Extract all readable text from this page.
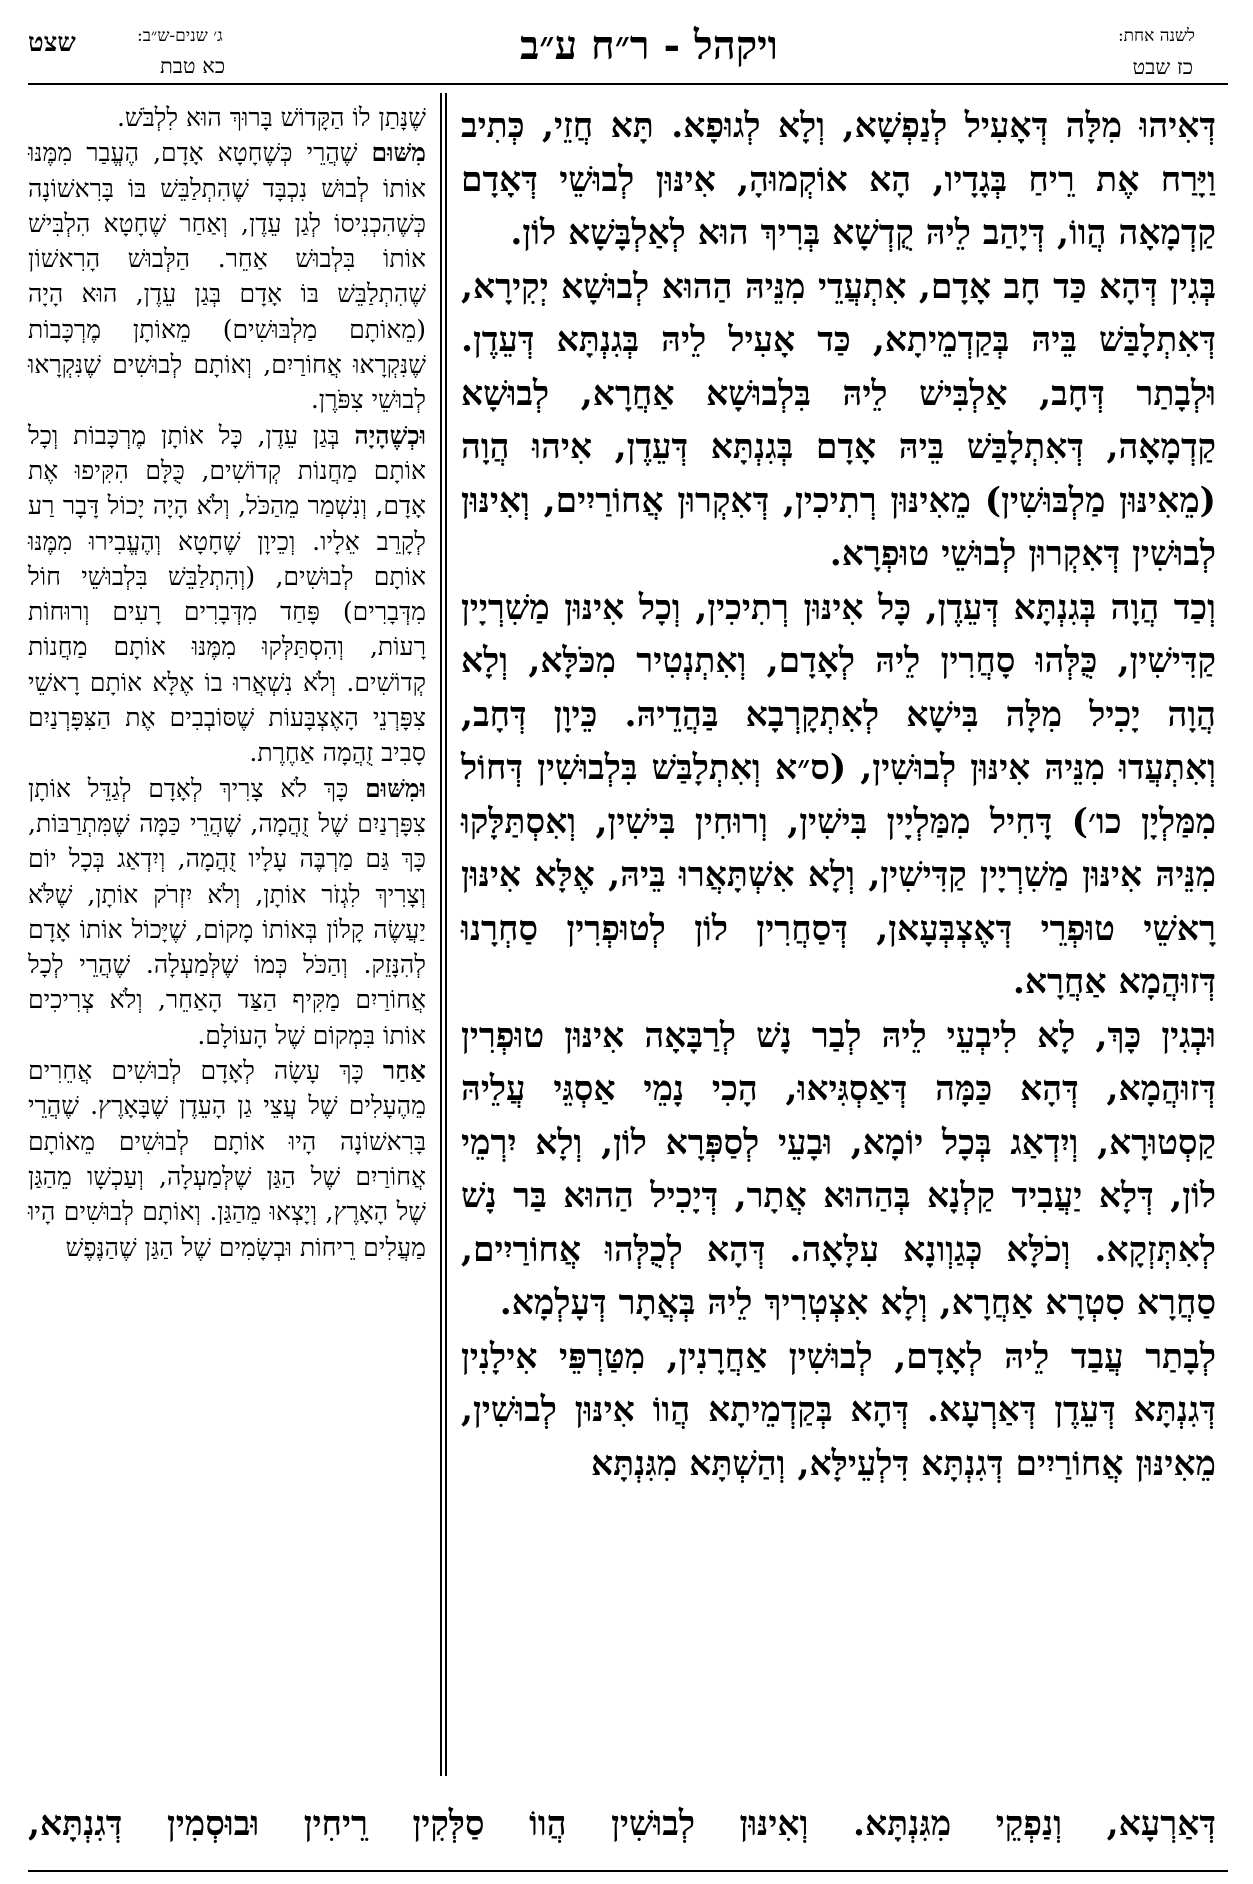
לשנה אחת:
כז שבט
ויקהל - ר״ח ע״ב
ג׳ שנים-ש״ב:
כא טבת
שצט

דְּאִיהוּ מִלָּה דְּאָעִיל לְנַפְשָׁא, וְלָא לְגוּפָא. תָּא חֲזֵי, כְּתִיב וַיָּרַח אֶת רֵיחַ בְּגָדָיו, הָא אוֹקְמוּהָ, אִינּוּן לְבוּשֵׁי דְּאָדָם קַדְמָאָה הֲווֹ, דְּיָהַב לֵיהּ קֻדְשָׁא בְּרִיךְ הוּא לְאַלְבָּשָׁא לוֹן.

בְּגִין דְּהָא כַּד חָב אָדָם, אִתְעֲדֵי מִנֵּיהּ הַהוּא לְבוּשָׁא יְקִירָא, דְּאִתְלָבַּשׁ בֵּיהּ בְּקַדְמֵיתָא, כַּד אָעִיל לֵיהּ בְּגִנְתָּא דְּעֵדֶן. וּלְבָתַר דְּחָב, אַלְבִּישׁ לֵיהּ בִּלְבוּשָׁא אַחֲרָא, לְבוּשָׁא קַדְמָאָה, דְּאִתְלָבַּשׁ בֵּיהּ אָדָם בְּגִנְתָּא דְּעֵדֶן, אִיהוּ הֲוָה (מֵאִינּוּן מַלְבּוּשִׁין) מֵאִינּוּן רְתִיכִין, דְּאִקְרוּן אֲחוֹרַיִים, וְאִינּוּן לְבוּשִׁין דְּאִקְרוּן לְבוּשֵׁי טוּפְרָא.

וְכַד הֲוָה בְּגִנְתָּא דְּעֵדֶן, כָּל אִינּוּן רְתִיכִין, וְכָל אִינּוּן מַשִׁרְיָין קַדִּישִׁין, כֻּלְּהוּ סָחֲרִין לֵיהּ לְאָדָם, וְאִתְנְטִיר מִכֹּלָּא, וְלָא הֲוָה יָכִיל מִלָּה בִּישָׁא לְאִתְקָרְבָא בַּהֲדֵיהּ. כֵּיוָן דְּחָב, וְאִתְעֲדוּ מִנֵּיהּ אִינּוּן לְבוּשִׁין, (ס״א וְאִתְלָבַּשׁ בִּלְבוּשִׁין דְּחוֹל מִמַּלְיָן כו׳) דָּחִיל מִמַּלְיָין בִּישִׁין, וְרוּחִין בִּישִׁין, וְאִסְתַּלָּקוּ מִנֵּיהּ אִינּוּן מַשִׁרְיָין קַדִּישִׁין, וְלָא אִשְׁתָּאֲרוּ בֵּיהּ, אֶלָּא אִינּוּן רָאשֵׁי טוּפְרֵי דְּאֶצְבְּעָאן, דְּסַחֲרִין לוֹן לְטוּפְרִין סַחְרָנוּ דְּזוּהֲמָא אַחֲרָא.

וּבְגִין כָּךְ, לָא לִיבְעֵי לֵיהּ לְבַר נָשׁ לְרַבָּאָה אִינּוּן טוּפְרִין דְּזוּהֲמָא, דְּהָא כַּמָּה דְּאַסְגִּיאוּ, הָכִי נָמֵי אַסְגֵּי עֲלֵיהּ קַסְטוּרָא, וְיִדְאַג בְּכָל יוֹמָא, וּבָעֵי לְסַפְּרָא לוֹן, וְלָא יִרְמֵי לוֹן, דְּלָא יַעֲבִיד קַלְנָא בְּהַהוּא אֲתָר, דְּיָכִיל הַהוּא בַּר נָשׁ לְאִתְּזְקָא. וְכֹלָּא כְּגַוְונָא עִלָּאָה. דְּהָא לְכֻלְּהוּ אֲחוֹרַיִים, סַחֲרָא סִטְרָא אַחֲרָא, וְלָא אִצְטְרִיךְ לֵיהּ בְּאֲתָר דְּעָלְמָא.

לְבָתַר עֲבַד לֵיהּ לְאָדָם, לְבוּשִׁין אַחֲרָנִין, מִטַּרְפֵּי אִילָנִין דְּגִנְתָּא דְּעֵדֶן דְּאַרְעָא. דְּהָא בְּקַדְמֵיתָא הֲווֹ אִינּוּן לְבוּשִׁין, מֵאִינּוּן אֲחוֹרַיִים דְּגִנְתָּא דִּלְעֵילָּא, וְהַשְׁתָּא מִגִּנְתָּא

שֶׁנָּתַן לוֹ הַקָּדוֹשׁ בָּרוּךְ הוּא לִלְבֹּשׁ.

מִשּׁוּם שֶׁהֲרֵי כְּשֶׁחָטָא אָדָם, הֶעֱבַר מִמֶּנּוּ אוֹתוֹ לְבוּשׁ נִכְבָּד שֶׁהִתְלַבֵּשׁ בּוֹ בָּרִאשׁוֹנָה כְּשֶׁהִכְנִיסוֹ לְגַן עֵדֶן, וְאַחַר שֶׁחָטָא הִלְבִּישׁ אוֹתוֹ בִּלְבוּשׁ אַחֵר. הַלְּבוּשׁ הָרִאשׁוֹן שֶׁהִתְלַבֵּשׁ בּוֹ אָדָם בְּגַן עֵדֶן, הוּא הָיָה (מֵאוֹתָם מַלְבּוּשִׁים) מֵאוֹתָן מֶרְכָּבוֹת שֶׁנִּקְרָאוּ אֲחוֹרַיִם, וְאוֹתָם לְבוּשִׁים שֶׁנִּקְרָאוּ לְבוּשֵׁי צִפֹּרֶן.

וּכְשֶׁהָיָה בְּגַן עֵדֶן, כָּל אוֹתָן מֶרְכָּבוֹת וְכָל אוֹתָם מַחֲנוֹת קְדוֹשִׁים, כֻּלָּם הִקִּיפוּ אֶת אָדָם, וְנִשְׁמַר מֵהַכֹּל, וְלֹא הָיָה יָכוֹל דָּבָר רַע לְקָרֵב אֵלָיו. וְכֵיוָן שֶׁחָטָא וְהֶעֱבִירוּ מִמֶּנּוּ אוֹתָם לְבוּשִׁים, (וְהִתְלַבֵּשׁ בִּלְבוּשֵׁי חוֹל מִדְּבָרִים) פָּחַד מִדְּבָרִים רָעִים וְרוּחוֹת רָעוֹת, וְהִסְתַּלְּקוּ מִמֶּנּוּ אוֹתָם מַחֲנוֹת קְדוֹשִׁים. וְלֹא נִשְׁאֲרוּ בוֹ אֶלָּא אוֹתָם רָאשֵׁי צִפָּרְנֵי הָאֶצְבָּעוֹת שֶׁסּוֹבְבִים אֶת הַצִּפָּרְנַיִם סָבִיב זֻהֲמָה אַחֶרֶת.

וּמִשּׁוּם כָּךְ לֹא צָרִיךְ לְאָדָם לְגַדֵּל אוֹתָן צִפָּרְנַיִם שֶׁל זֻהֲמָה, שֶׁהֲרֵי כַּמָּה שֶׁמִּתְרַבּוֹת, כָּךְ גַּם מַרְבֶּה עָלָיו זֻהֲמָה, וְיִדְאַג בְּכָל יוֹם וְצָרִיךְ לִגְזֹר אוֹתָן, וְלֹא יִזְרֹק אוֹתָן, שֶׁלֹּא יַעֲשֶׂה קָלוֹן בְּאוֹתוֹ מָקוֹם, שֶׁיָּכוֹל אוֹתוֹ אָדָם לְהִנָּזֵק. וְהַכֹּל כְּמוֹ שֶׁלְּמַעְלָה. שֶׁהֲרֵי לְכָל אֲחוֹרַיִם מַקִּיף הַצַּד הָאַחֵר, וְלֹא צְרִיכִים אוֹתוֹ בִּמְקוֹם שֶׁל הָעוֹלָם.

אַחַר כָּךְ עָשָׂה לְאָדָם לְבוּשִׁים אֲחֵרִים מֵהֶעָלִים שֶׁל עֲצֵי גַן הָעֵדֶן שֶׁבָּאָרֶץ. שֶׁהֲרֵי בָּרִאשׁוֹנָה הָיוּ אוֹתָם לְבוּשִׁים מֵאוֹתָם אֲחוֹרַיִם שֶׁל הַגַּן שֶׁלְּמַעְלָה, וְעַכְשָׁו מֵהַגַּן שֶׁל הָאָרֶץ, וְיָצְאוּ מֵהַגַּן. וְאוֹתָם לְבוּשִׁים הָיוּ מַעֲלִים רֵיחוֹת וּבְשָׂמִים שֶׁל הַגַּן שֶׁהַנֶּפֶשׁ

דְּאַרְעָא, וְנַפְקֵי מִגִּנְתָּא. וְאִינּוּן לְבוּשִׁין הֲווֹ סַלְּקִין רֵיחִין וּבוּסְמִין דְּגִנְתָּא,
